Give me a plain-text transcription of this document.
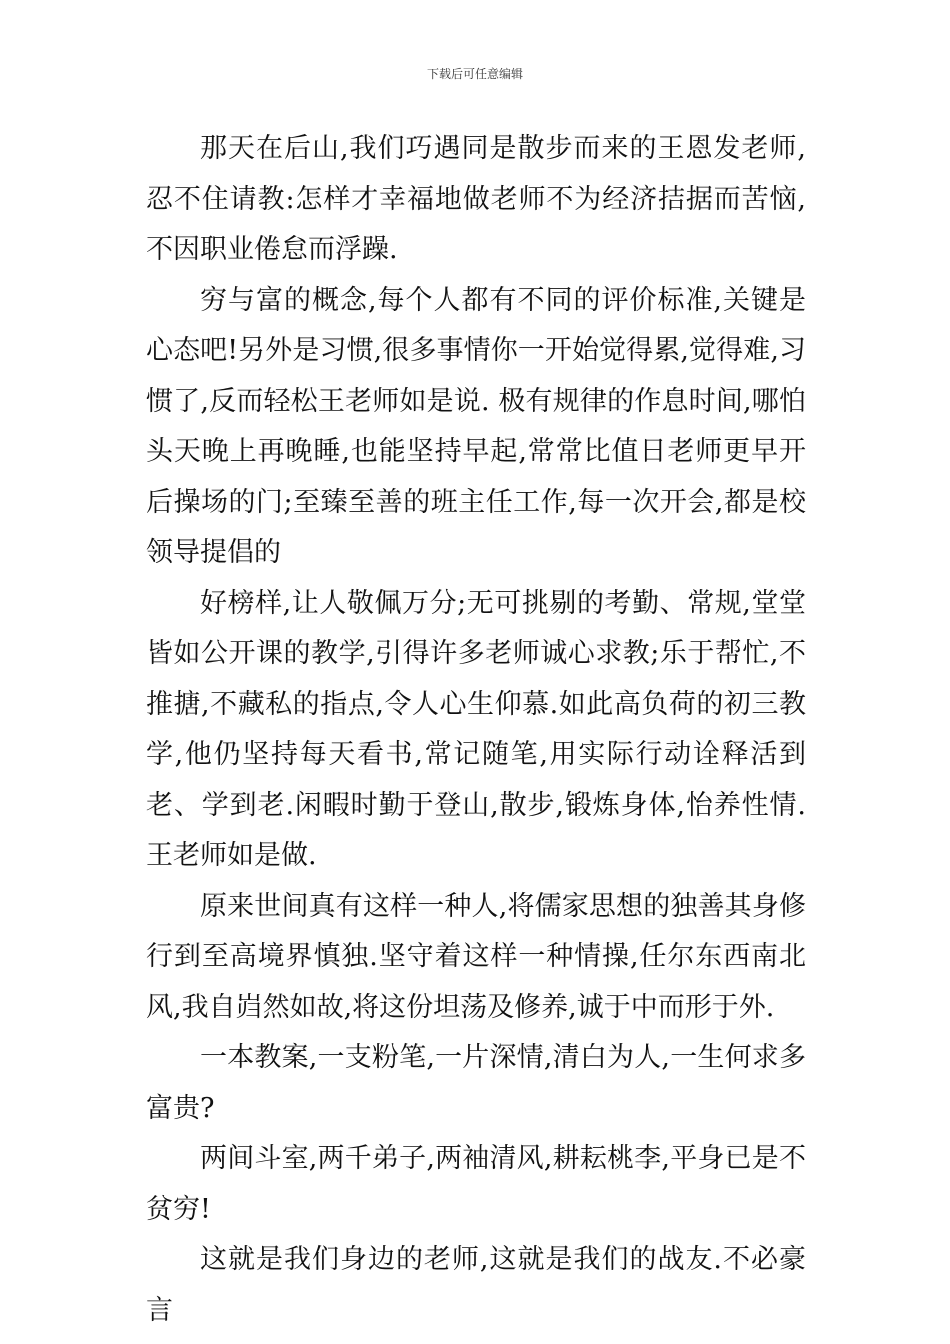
下载后可任意编辑

那天在后山,我们巧遇同是散步而来的王恩发老师,忍不住请教:怎样才幸福地做老师不为经济拮据而苦恼,不因职业倦怠而浮躁.

穷与富的概念,每个人都有不同的评价标准,关键是心态吧!另外是习惯,很多事情你一开始觉得累,觉得难,习惯了,反而轻松王老师如是说. 极有规律的作息时间,哪怕头天晚上再晚睡,也能坚持早起,常常比值日老师更早开后操场的门;至臻至善的班主任工作,每一次开会,都是校领导提倡的

好榜样,让人敬佩万分;无可挑剔的考勤、常规,堂堂皆如公开课的教学,引得许多老师诚心求教;乐于帮忙,不推搪,不藏私的指点,令人心生仰慕.如此高负荷的初三教学,他仍坚持每天看书,常记随笔,用实际行动诠释活到老、学到老.闲暇时勤于登山,散步,锻炼身体,怡养性情.王老师如是做.

原来世间真有这样一种人,将儒家思想的独善其身修行到至高境界慎独.坚守着这样一种情操,任尔东西南北风,我自岿然如故,将这份坦荡及修养,诚于中而形于外.

一本教案,一支粉笔,一片深情,清白为人,一生何求多富贵?

两间斗室,两千弟子,两袖清风,耕耘桃李,平身已是不贫穷!

这就是我们身边的老师,这就是我们的战友.不必豪言
